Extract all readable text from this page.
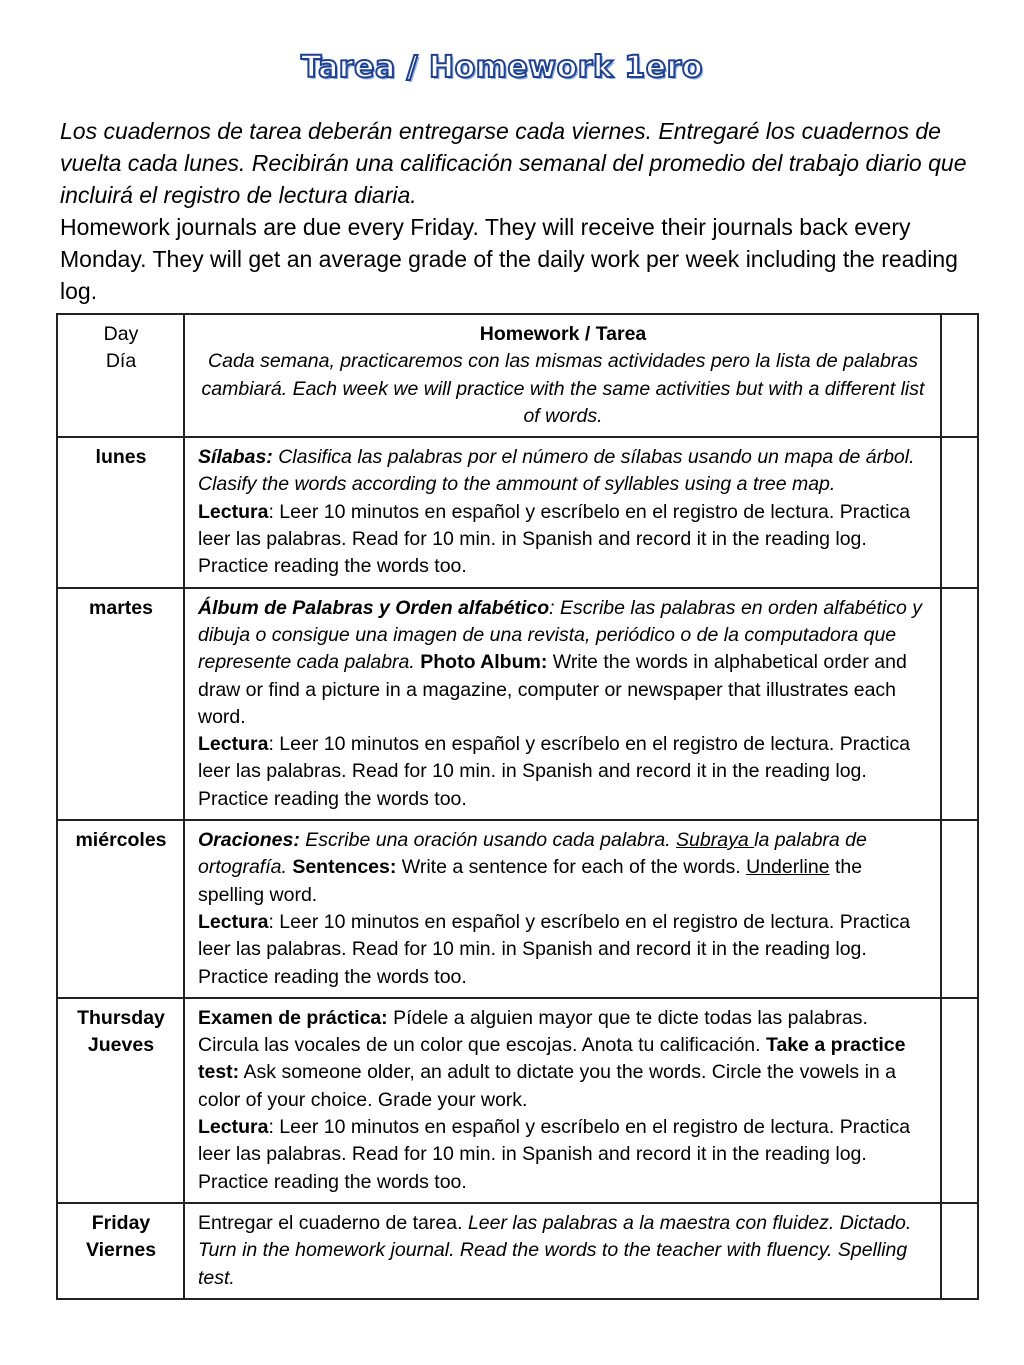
Tarea / Homework 1ero

Los cuadernos de tarea deberán entregarse cada viernes. Entregaré los cuadernos de vuelta cada lunes. Recibirán una calificación semanal del promedio del trabajo diario que incluirá el registro de lectura diaria.

Homework journals are due every Friday. They will receive their journals back every Monday. They will get an average grade of the daily work per week including the reading log.

Day
Día	Homework / Tarea
Cada semana, practicaremos con las mismas actividades pero la lista de palabras cambiará. Each week we will practice with the same activities but with a different list of words.	

lunes	Sílabas: Clasifica las palabras por el número de sílabas usando un mapa de árbol. Clasify the words according to the ammount of syllables using a tree map.
Lectura: Leer 10 minutos en español y escríbelo en el registro de lectura. Practica leer las palabras. Read for 10 min. in Spanish and record it in the reading log. Practice reading the words too.	

martes	Álbum de Palabras y Orden alfabético: Escribe las palabras en orden alfabético y dibuja o consigue una imagen de una revista, periódico o de la computadora que represente cada palabra. Photo Album: Write the words in alphabetical order and draw or find a picture in a magazine, computer or newspaper that illustrates each word.
Lectura: Leer 10 minutos en español y escríbelo en el registro de lectura. Practica leer las palabras. Read for 10 min. in Spanish and record it in the reading log. Practice reading the words too.	

miércoles	Oraciones: Escribe una oración usando cada palabra. Subraya la palabra de ortografía. Sentences: Write a sentence for each of the words. Underline the spelling word.
Lectura: Leer 10 minutos en español y escríbelo en el registro de lectura. Practica leer las palabras. Read for 10 min. in Spanish and record it in the reading log. Practice reading the words too.	

Thursday
Jueves	Examen de práctica: Pídele a alguien mayor que te dicte todas las palabras. Circula las vocales de un color que escojas. Anota tu calificación. Take a practice test: Ask someone older, an adult to dictate you the words. Circle the vowels in a color of your choice. Grade your work.
Lectura: Leer 10 minutos en español y escríbelo en el registro de lectura. Practica leer las palabras. Read for 10 min. in Spanish and record it in the reading log. Practice reading the words too.	

Friday
Viernes	Entregar el cuaderno de tarea. Leer las palabras a la maestra con fluidez. Dictado. Turn in the homework journal. Read the words to the teacher with fluency. Spelling test.	
